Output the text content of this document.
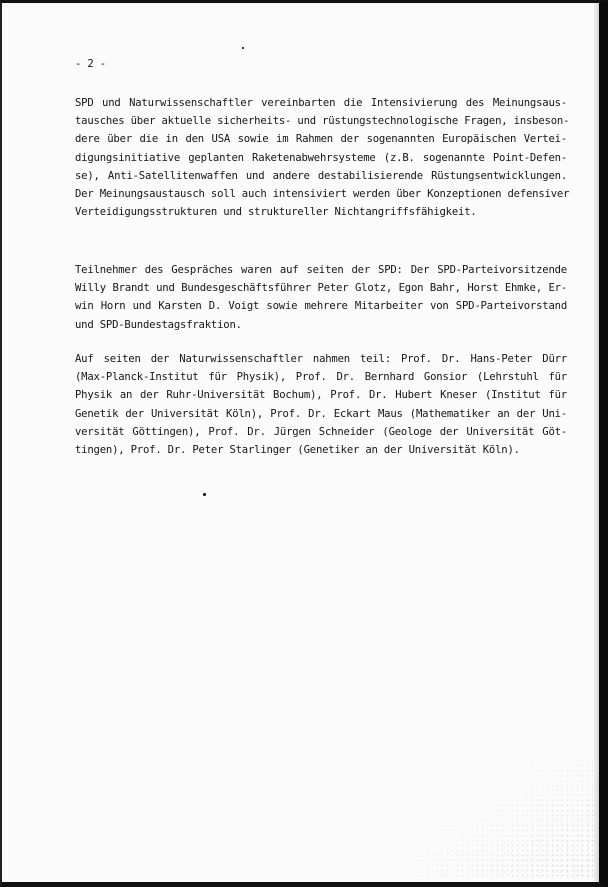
- 2 -
SPD und Naturwissenschaftler vereinbarten die Intensivierung des Meinungsaus-
tausches über aktuelle sicherheits- und rüstungstechnologische Fragen, insbeson-
dere über die in den USA sowie im Rahmen der sogenannten Europäischen Vertei-
digungsinitiative geplanten Raketenabwehrsysteme (z.B. sogenannte Point-Defen-
se), Anti-Satellitenwaffen und andere destabilisierende Rüstungsentwicklungen.
Der Meinungsaustausch soll auch intensiviert werden über Konzeptionen defensiver
Verteidigungsstrukturen und struktureller Nichtangriffsfähigkeit.
Teilnehmer des Gespräches waren auf seiten der SPD: Der SPD-Parteivorsitzende
Willy Brandt und Bundesgeschäftsführer Peter Glotz, Egon Bahr, Horst Ehmke, Er-
win Horn und Karsten D. Voigt sowie mehrere Mitarbeiter von SPD-Parteivorstand
und SPD-Bundestagsfraktion.
Auf seiten der Naturwissenschaftler nahmen teil: Prof. Dr. Hans-Peter Dürr
(Max-Planck-Institut für Physik), Prof. Dr. Bernhard Gonsior (Lehrstuhl für
Physik an der Ruhr-Universität Bochum), Prof. Dr. Hubert Kneser (Institut für
Genetik der Universität Köln), Prof. Dr. Eckart Maus (Mathematiker an der Uni-
versität Göttingen), Prof. Dr. Jürgen Schneider (Geologe der Universität Göt-
tingen), Prof. Dr. Peter Starlinger (Genetiker an der Universität Köln).
